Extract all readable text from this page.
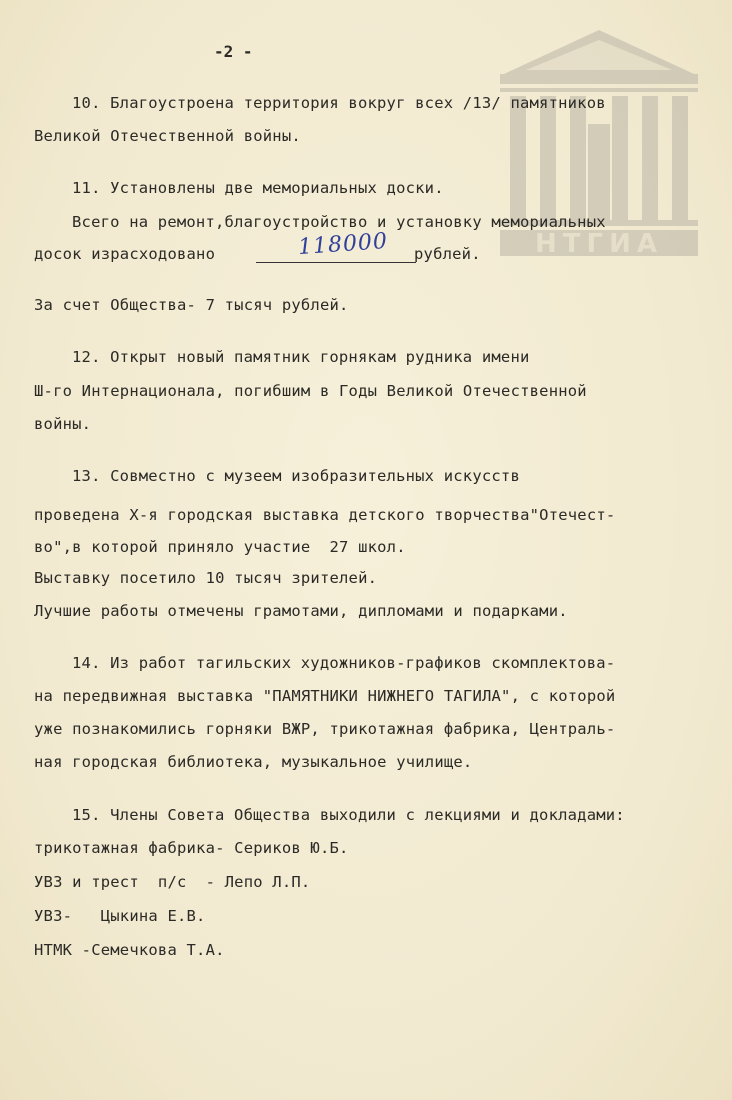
НТГИА
-2 -
10. Благоустроена территория вокруг всех /13/ памятников
Великой Отечественной войны.
11. Установлены две мемориальных доски.
Всего на ремонт,благоустройство и установку мемориальных
досок израсходовано	118000	рублей.
За счет Общества- 7 тысяч рублей.
12. Открыт новый памятник горнякам рудника имени
Ш-го Интернационала, погибшим в Годы Великой Отечественной
войны.
13. Совместно с музеем изобразительных искусств
проведена Х-я городская выставка детского творчества"Отечест-
во",в которой приняло участие  27 школ.
Выставку посетило 10 тысяч зрителей.
Лучшие работы отмечены грамотами, дипломами и подарками.
14. Из работ тагильских художников-графиков скомплектова-
на передвижная выставка "ПАМЯТНИКИ НИЖНЕГО ТАГИЛА", с которой
уже познакомились горняки ВЖР, трикотажная фабрика, Централь-
ная городская библиотека, музыкальное училище.
15. Члены Совета Общества выходили с лекциями и докладами:
трикотажная фабрика- Сериков Ю.Б.
УВЗ и трест  п/с  - Лепо Л.П.
УВЗ-   Цыкина Е.В.
НТМК -Семечкова Т.А.
